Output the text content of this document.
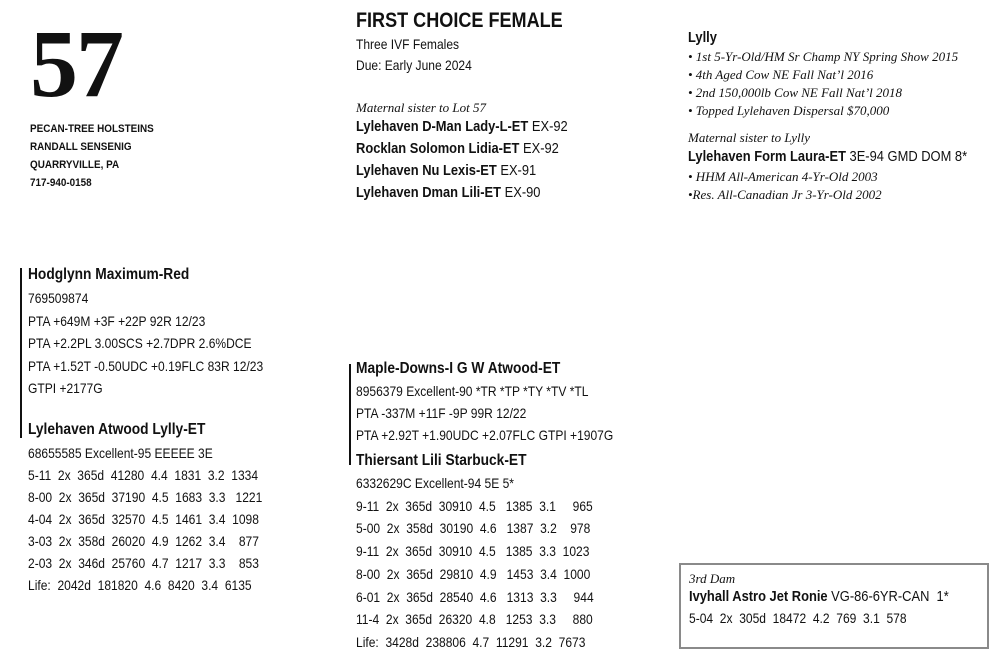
57
PECAN-TREE HOLSTEINS
RANDALL SENSENIG
QUARRYVILLE, PA
717-940-0158
FIRST CHOICE FEMALE
Three IVF Females
Due: Early June 2024
Maternal sister to Lot 57
Lylehaven D-Man Lady-L-ET EX-92
Rocklan Solomon Lidia-ET EX-92
Lylehaven Nu Lexis-ET EX-91
Lylehaven Dman Lili-ET EX-90
Lylly
• 1st 5-Yr-Old/HM Sr Champ NY Spring Show 2015
• 4th Aged Cow NE Fall Nat’l 2016
• 2nd 150,000lb Cow NE Fall Nat’l 2018
• Topped Lylehaven Dispersal $70,000
Maternal sister to Lylly
Lylehaven Form Laura-ET 3E-94 GMD DOM 8*
• HHM All-American 4-Yr-Old 2003
•Res. All-Canadian Jr 3-Yr-Old 2002
Hodglynn Maximum-Red
769509874
PTA +649M +3F +22P 92R 12/23
PTA +2.2PL 3.00SCS +2.7DPR 2.6%DCE
PTA +1.52T -0.50UDC +0.19FLC 83R 12/23
GTPI +2177G
Lylehaven Atwood Lylly-ET
68655585 Excellent-95 EEEEE 3E
5-11  2x  365d  41280  4.4  1831  3.2  1334
8-00  2x  365d  37190  4.5  1683  3.3   1221
4-04  2x  365d  32570  4.5  1461  3.4  1098
3-03  2x  358d  26020  4.9  1262  3.4    877
2-03  2x  346d  25760  4.7  1217  3.3    853
Life:  2042d  181820  4.6  8420  3.4  6135
Maple-Downs-I G W Atwood-ET
8956379 Excellent-90 *TR *TP *TY *TV *TL
PTA -337M +11F -9P 99R 12/22
PTA +2.92T +1.90UDC +2.07FLC GTPI +1907G
Thiersant Lili Starbuck-ET
6332629C Excellent-94 5E 5*
9-11  2x  365d  30910  4.5   1385  3.1     965
5-00  2x  358d  30190  4.6   1387  3.2    978
9-11  2x  365d  30910  4.5   1385  3.3  1023
8-00  2x  365d  29810  4.9   1453  3.4  1000
6-01  2x  365d  28540  4.6   1313  3.3     944
11-4  2x  365d  26320  4.8   1253  3.3     880
Life:  3428d  238806  4.7  11291  3.2  7673
3rd Dam
Ivyhall Astro Jet Ronie VG-86-6YR-CAN  1*
5-04  2x  305d  18472  4.2  769  3.1  578
